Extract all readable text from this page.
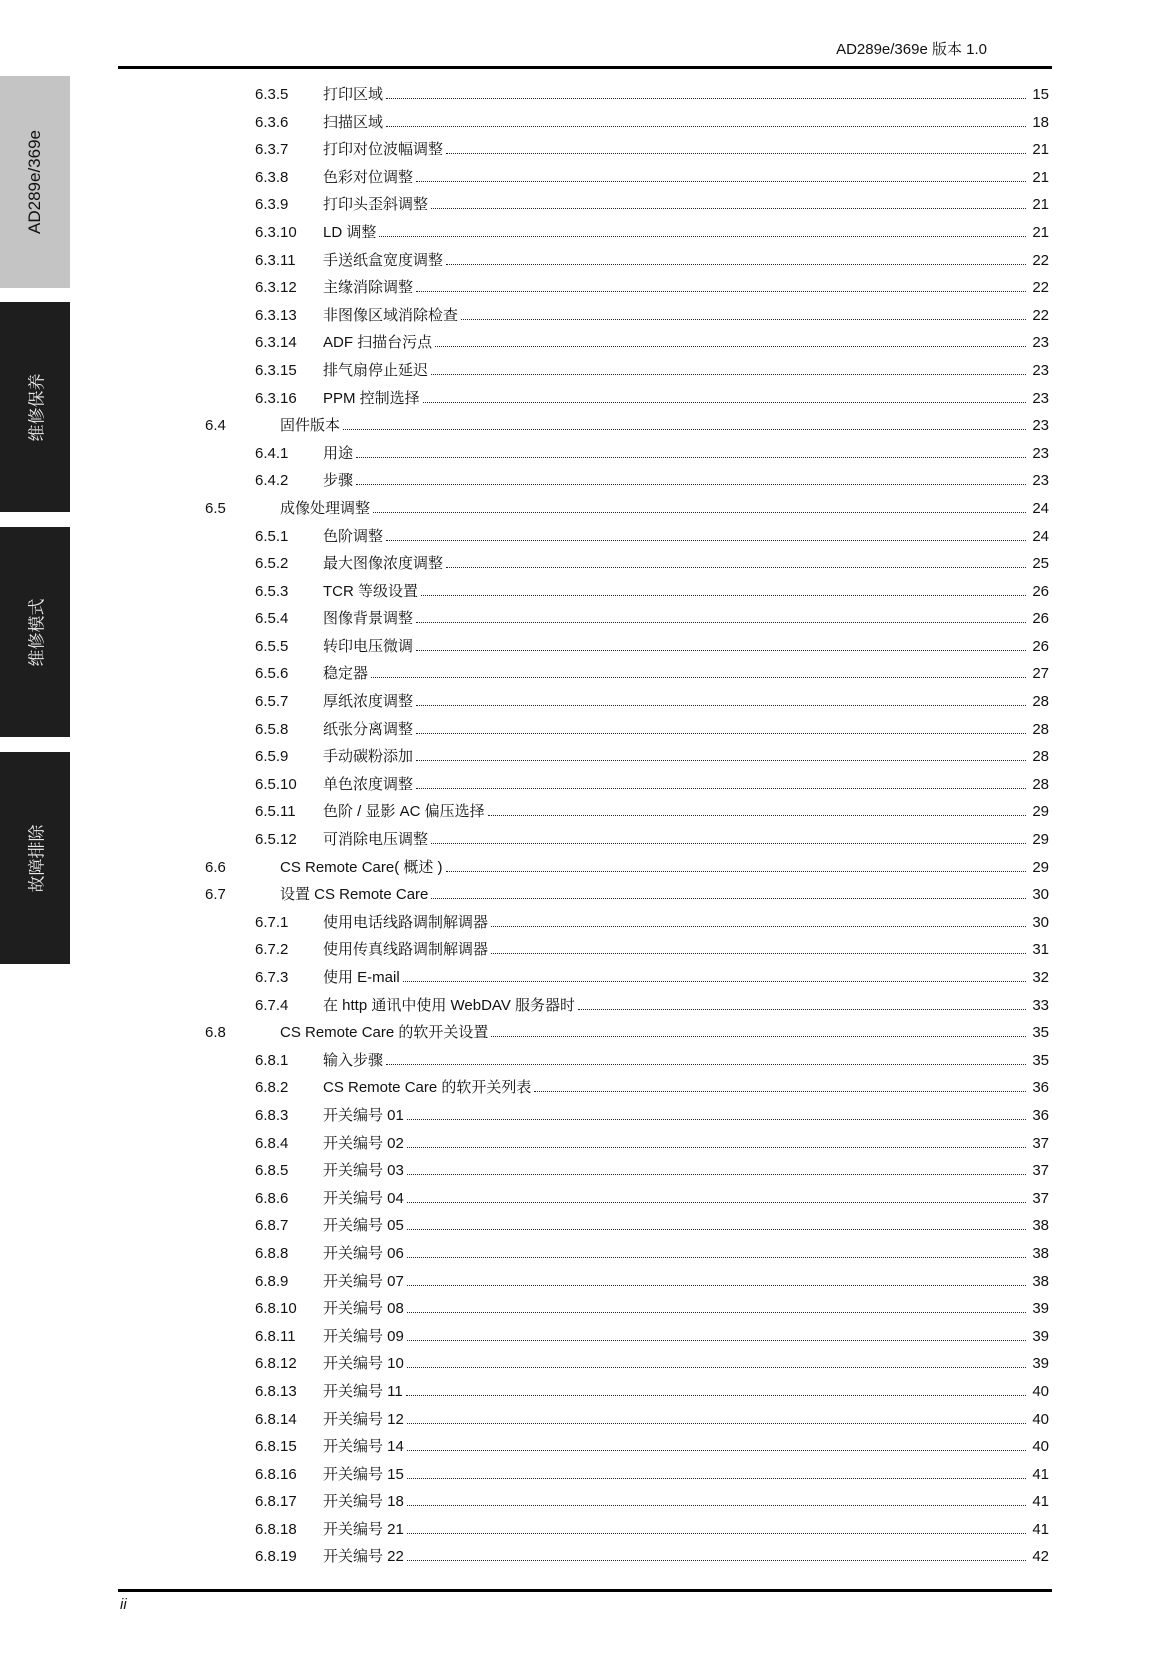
AD289e/369e 版本 1.0
AD289e/369e
维修保养
维修模式
故障排除
6.3.5	打印区域	15
6.3.6	扫描区域	18
6.3.7	打印对位波幅调整	21
6.3.8	色彩对位调整	21
6.3.9	打印头歪斜调整	21
6.3.10	LD 调整	21
6.3.11	手送纸盒宽度调整	22
6.3.12	主缘消除调整	22
6.3.13	非图像区域消除检查	22
6.3.14	ADF 扫描台污点	23
6.3.15	排气扇停止延迟	23
6.3.16	PPM 控制选择	23
6.4	固件版本	23
6.4.1	用途	23
6.4.2	步骤	23
6.5	成像处理调整	24
6.5.1	色阶调整	24
6.5.2	最大图像浓度调整	25
6.5.3	TCR 等级设置	26
6.5.4	图像背景调整	26
6.5.5	转印电压微调	26
6.5.6	稳定器	27
6.5.7	厚纸浓度调整	28
6.5.8	纸张分离调整	28
6.5.9	手动碳粉添加	28
6.5.10	单色浓度调整	28
6.5.11	色阶 / 显影 AC 偏压选择	29
6.5.12	可消除电压调整	29
6.6	CS Remote Care( 概述 )	29
6.7	设置 CS Remote Care	30
6.7.1	使用电话线路调制解调器	30
6.7.2	使用传真线路调制解调器	31
6.7.3	使用 E-mail	32
6.7.4	在 http 通讯中使用 WebDAV 服务器时	33
6.8	CS Remote Care 的软开关设置	35
6.8.1	输入步骤	35
6.8.2	CS Remote Care 的软开关列表	36
6.8.3	开关编号 01	36
6.8.4	开关编号 02	37
6.8.5	开关编号 03	37
6.8.6	开关编号 04	37
6.8.7	开关编号 05	38
6.8.8	开关编号 06	38
6.8.9	开关编号 07	38
6.8.10	开关编号 08	39
6.8.11	开关编号 09	39
6.8.12	开关编号 10	39
6.8.13	开关编号 11	40
6.8.14	开关编号 12	40
6.8.15	开关编号 14	40
6.8.16	开关编号 15	41
6.8.17	开关编号 18	41
6.8.18	开关编号 21	41
6.8.19	开关编号 22	42
ii
